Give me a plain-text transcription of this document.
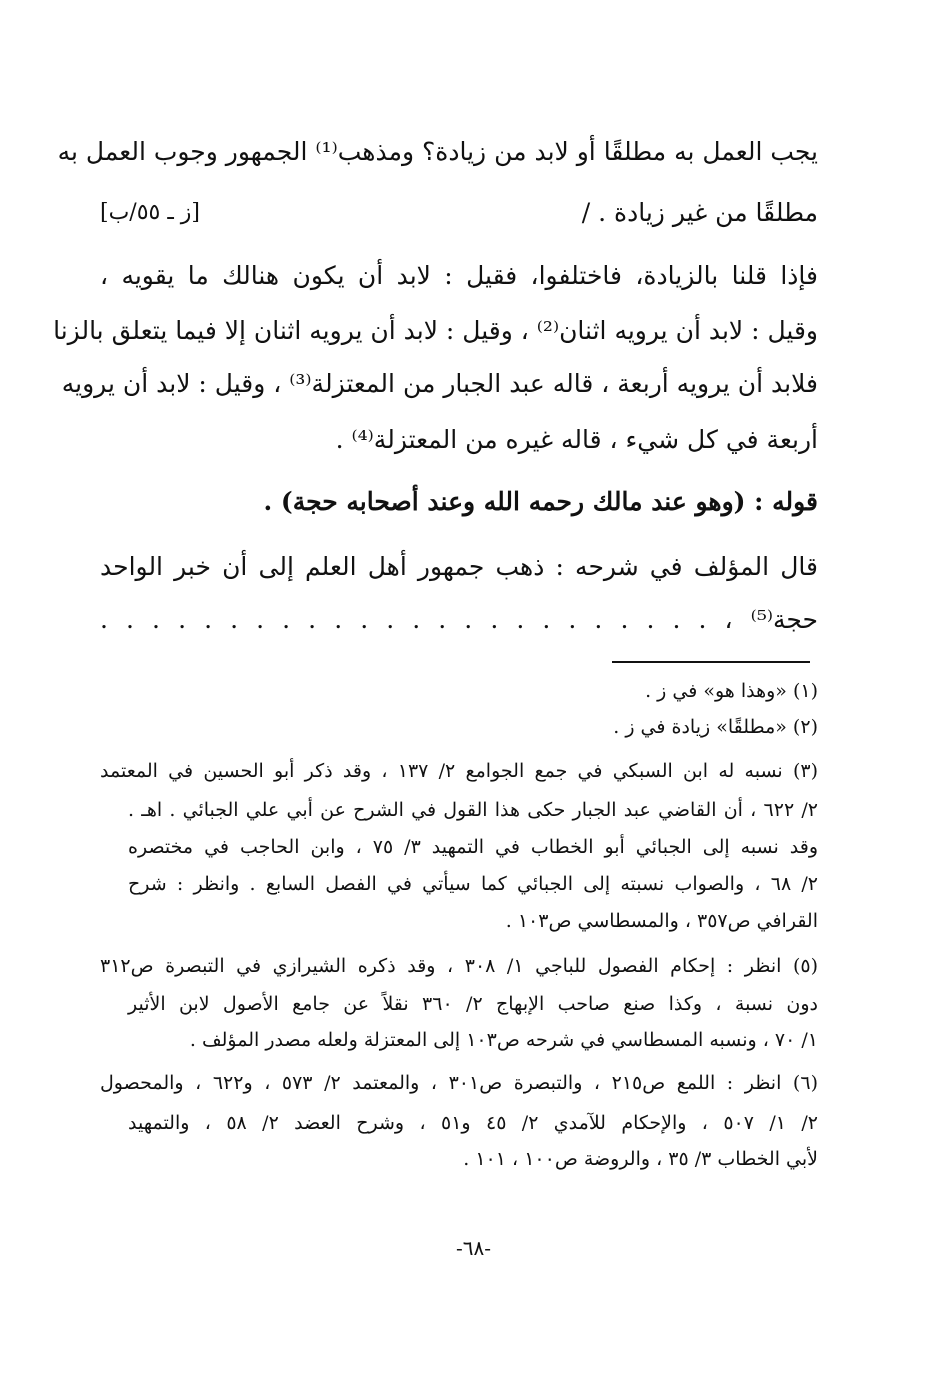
يجب العمل به مطلقًا أو لابد من زيادة؟ ومذهب⁽¹⁾ الجمهور وجوب العمل به
مطلقًا من غير زيادة . /
فإذا قلنا بالزيادة، فاختلفوا، فقيل : لابد أن يكون هنالك ما يقويه ،
وقيل : لابد أن يرويه اثنان⁽²⁾ ، وقيل : لابد أن يرويه اثنان إلا فيما يتعلق بالزنا
فلابد أن يرويه أربعة ، قاله عبد الجبار من المعتزلة⁽³⁾ ، وقيل : لابد أن يرويه
أربعة في كل شيء ، قاله غيره من المعتزلة⁽⁴⁾ .
قوله : (وهو عند مالك رحمه الله وعند أصحابه حجة) .
قال المؤلف في شرحه : ذهب جمهور أهل العلم إلى أن خبر الواحد
حجة⁽⁵⁾ ، . . . . . . . . . . . . . . . . . . . . . . . .
[ز ـ ٥٥/ب]
(١) «وهذا هو» في ز .
(٢) «مطلقًا» زيادة في ز .
(٣) نسبه له ابن السبكي في جمع الجوامع ٢/ ١٣٧ ، وقد ذكر أبو الحسين في المعتمد
٢/ ٦٢٢ ، أن القاضي عبد الجبار حكى هذا القول في الشرح عن أبي علي الجبائي . اهـ .
وقد نسبه إلى الجبائي أبو الخطاب في التمهيد ٣/ ٧٥ ، وابن الحاجب في مختصره
٢/ ٦٨ ، والصواب نسبته إلى الجبائي كما سيأتي في الفصل السابع . وانظر : شرح
القرافي ص٣٥٧ ، والمسطاسي ص١٠٣ .
(٥) انظر : إحكام الفصول للباجي ١/ ٣٠٨ ، وقد ذكره الشيرازي في التبصرة ص٣١٢
دون نسبة ، وكذا صنع صاحب الإبهاج ٢/ ٣٦٠ نقلاً عن جامع الأصول لابن الأثير
١/ ٧٠ ، ونسبه المسطاسي في شرحه ص١٠٣ إلى المعتزلة ولعله مصدر المؤلف .
(٦) انظر : اللمع ص٢١٥ ، والتبصرة ص٣٠١ ، والمعتمد ٢/ ٥٧٣ ، و٦٢٢ ، والمحصول
٢/ ١/ ٥٠٧ ، والإحكام للآمدي ٢/ ٤٥ و٥١ ، وشرح العضد ٢/ ٥٨ ، والتمهيد
لأبي الخطاب ٣/ ٣٥ ، والروضة ص١٠٠ ، ١٠١ .
-٦٨-
